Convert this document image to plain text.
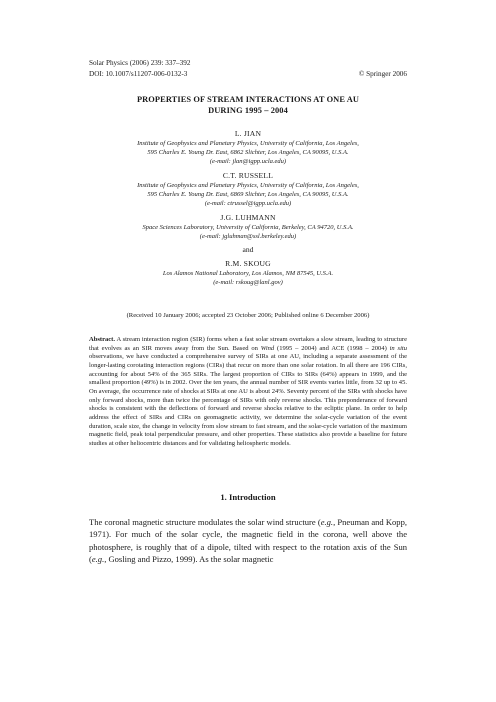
Solar Physics (2006) 239: 337–392
DOI: 10.1007/s11207-006-0132-3	© Springer 2006
PROPERTIES OF STREAM INTERACTIONS AT ONE AU
DURING 1995 – 2004
L. JIAN
Institute of Geophysics and Planetary Physics, University of California, Los Angeles,
595 Charles E. Young Dr. East, 6862 Slichter, Los Angeles, CA 90095, U.S.A.
(e-mail: jlan@igpp.ucla.edu)
C.T. RUSSELL
Institute of Geophysics and Planetary Physics, University of California, Los Angeles,
595 Charles E. Young Dr. East, 6869 Slichter, Los Angeles, CA 90095, U.S.A.
(e-mail: ctrussel@igpp.ucla.edu)
J.G. LUHMANN
Space Sciences Laboratory, University of California, Berkeley, CA 94720, U.S.A.
(e-mail: jgluhman@ssl.berkeley.edu)
and
R.M. SKOUG
Los Alamos National Laboratory, Los Alamos, NM 87545, U.S.A.
(e-mail: rskoug@lanl.gov)
(Received 10 January 2006; accepted 23 October 2006; Published online 6 December 2006)

Abstract. A stream interaction region (SIR) forms when a fast solar stream overtakes a slow stream, leading to structure that evolves as an SIR moves away from the Sun. Based on Wind (1995 – 2004) and ACE (1998 – 2004) in situ observations, we have conducted a comprehensive survey of SIRs at one AU, including a separate assessment of the longer-lasting corotating interaction regions (CIRs) that recur on more than one solar rotation. In all there are 196 CIRs, accounting for about 54% of the 365 SIRs. The largest proportion of CIRs to SIRs (64%) appears in 1999, and the smallest proportion (49%) is in 2002. Over the ten years, the annual number of SIR events varies little, from 32 up to 45. On average, the occurrence rate of shocks at SIRs at one AU is about 24%. Seventy percent of the SIRs with shocks have only forward shocks, more than twice the percentage of SIRs with only reverse shocks. This preponderance of forward shocks is consistent with the deflections of forward and reverse shocks relative to the ecliptic plane. In order to help address the effect of SIRs and CIRs on geomagnetic activity, we determine the solar-cycle variation of the event duration, scale size, the change in velocity from slow stream to fast stream, and the solar-cycle variation of the maximum magnetic field, peak total perpendicular pressure, and other properties. These statistics also provide a baseline for future studies at other heliocentric distances and for validating heliospheric models.

1. Introduction

The coronal magnetic structure modulates the solar wind structure (e.g., Pneuman and Kopp, 1971). For much of the solar cycle, the magnetic field in the corona, well above the photosphere, is roughly that of a dipole, tilted with respect to the rotation axis of the Sun (e.g., Gosling and Pizzo, 1999). As the solar magnetic
